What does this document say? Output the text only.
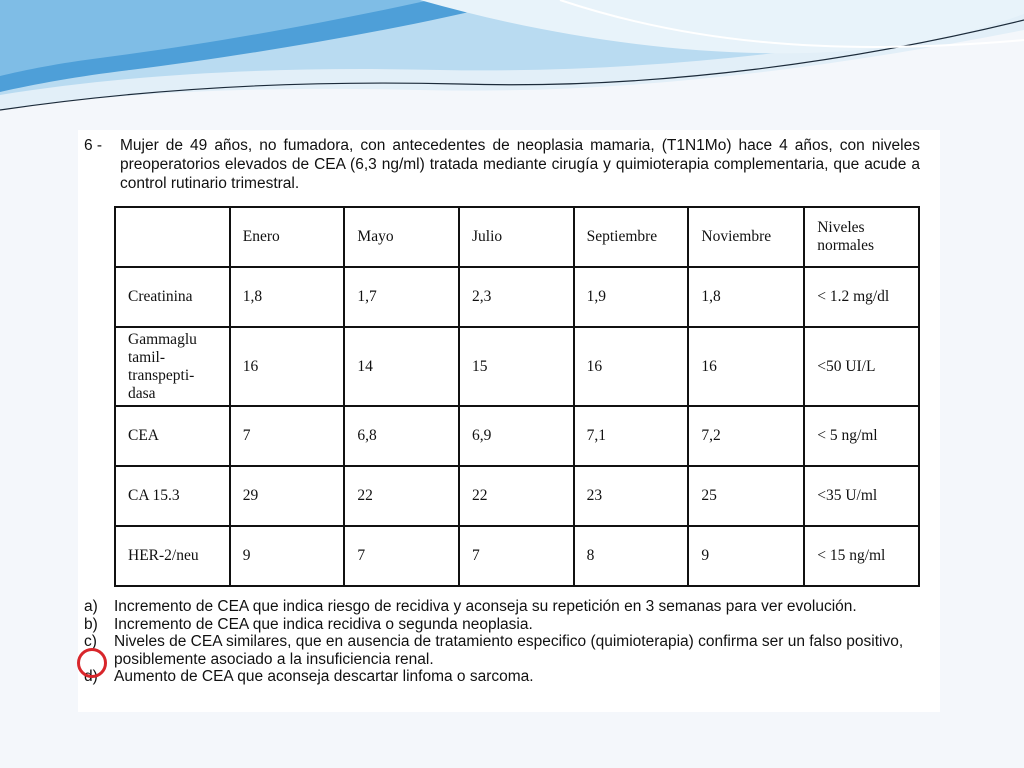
6 -	Mujer de 49 años, no fumadora, con antecedentes de neoplasia mamaria, (T1N1Mo) hace 4 años, con niveles preoperatorios elevados de CEA (6,3 ng/ml) tratada mediante cirugía y quimioterapia complementaria, que acude a control rutinario trimestral.
	Enero	Mayo	Julio	Septiembre	Noviembre	Niveles
normales
Creatinina	1,8	1,7	2,3	1,9	1,8	< 1.2 mg/dl
Gammaglu
tamil-
transpepti-
dasa	16	14	15	16	16	<50 UI/L
CEA	7	6,8	6,9	7,1	7,2	< 5 ng/ml
CA 15.3	29	22	22	23	25	<35 U/ml
HER-2/neu	9	7	7	8	9	< 15 ng/ml
a)	Incremento de CEA que indica riesgo de recidiva y aconseja su repetición en 3 semanas para ver evolución.
b)	Incremento de CEA que indica recidiva o segunda neoplasia.
c)	Niveles de CEA similares, que en ausencia de tratamiento especifico (quimioterapia) confirma ser un falso positivo, posiblemente asociado a la insuficiencia renal.
d)	Aumento de CEA que aconseja descartar linfoma o sarcoma.
